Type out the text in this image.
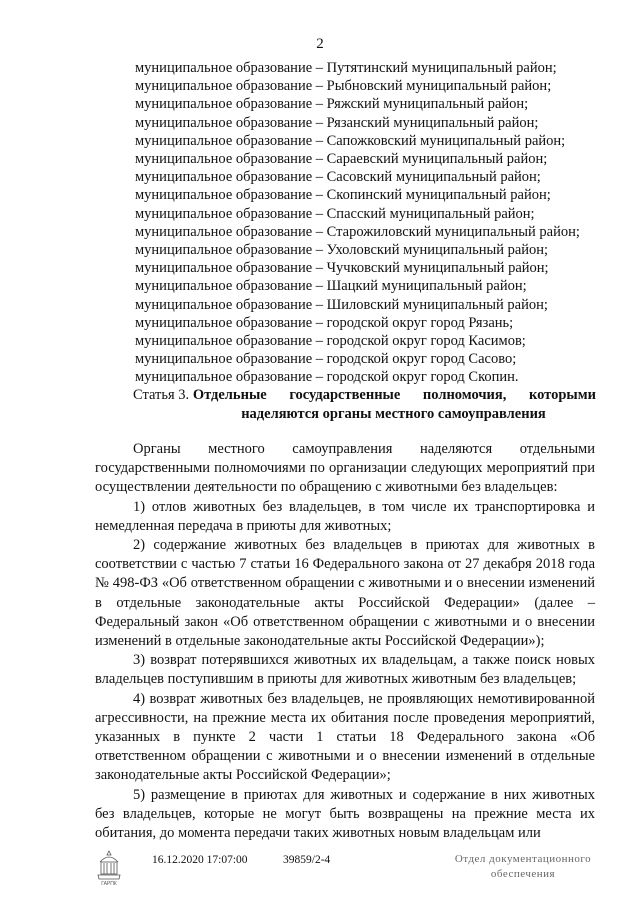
2
муниципальное образование – Путятинский муниципальный район;
муниципальное образование – Рыбновский муниципальный район;
муниципальное образование – Ряжский муниципальный район;
муниципальное образование – Рязанский муниципальный район;
муниципальное образование – Сапожковский муниципальный район;
муниципальное образование – Сараевский муниципальный район;
муниципальное образование – Сасовский муниципальный район;
муниципальное образование – Скопинский муниципальный район;
муниципальное образование – Спасский муниципальный район;
муниципальное образование – Старожиловский муниципальный район;
муниципальное образование – Ухоловский муниципальный район;
муниципальное образование – Чучковский муниципальный район;
муниципальное образование – Шацкий муниципальный район;
муниципальное образование – Шиловский муниципальный район;
муниципальное образование – городской округ город Рязань;
муниципальное образование – городской округ город Касимов;
муниципальное образование – городской округ город Сасово;
муниципальное образование – городской округ город Скопин.
Статья 3. Отдельные государственные полномочия, которыми
наделяются органы местного самоуправления
Органы местного самоуправления наделяются отдельными государственными полномочиями по организации следующих мероприятий при осуществлении деятельности по обращению с животными без владельцев:
1) отлов животных без владельцев, в том числе их транспортировка и немедленная передача в приюты для животных;
2) содержание животных без владельцев в приютах для животных в соответствии с частью 7 статьи 16 Федерального закона от 27 декабря 2018 года № 498-ФЗ «Об ответственном обращении с животными и о внесении изменений в отдельные законодательные акты Российской Федерации» (далее – Федеральный закон «Об ответственном обращении с животными и о внесении изменений в отдельные законодательные акты Российской Федерации»);
3) возврат потерявшихся животных их владельцам, а также поиск новых владельцев поступившим в приюты для животных животным без владельцев;
4) возврат животных без владельцев, не проявляющих немотивированной агрессивности, на прежние места их обитания после проведения мероприятий, указанных в пункте 2 части 1 статьи 18 Федерального закона «Об ответственном обращении с животными и о внесении изменений в отдельные законодательные акты Российской Федерации»;
5) размещение в приютах для животных и содержание в них животных без владельцев, которые не могут быть возвращены на прежние места их обитания, до момента передачи таких животных новым владельцам или
ГАРПК
16.12.2020 17:07:00	39859/2-4	Отдел документационного
обеспечения
